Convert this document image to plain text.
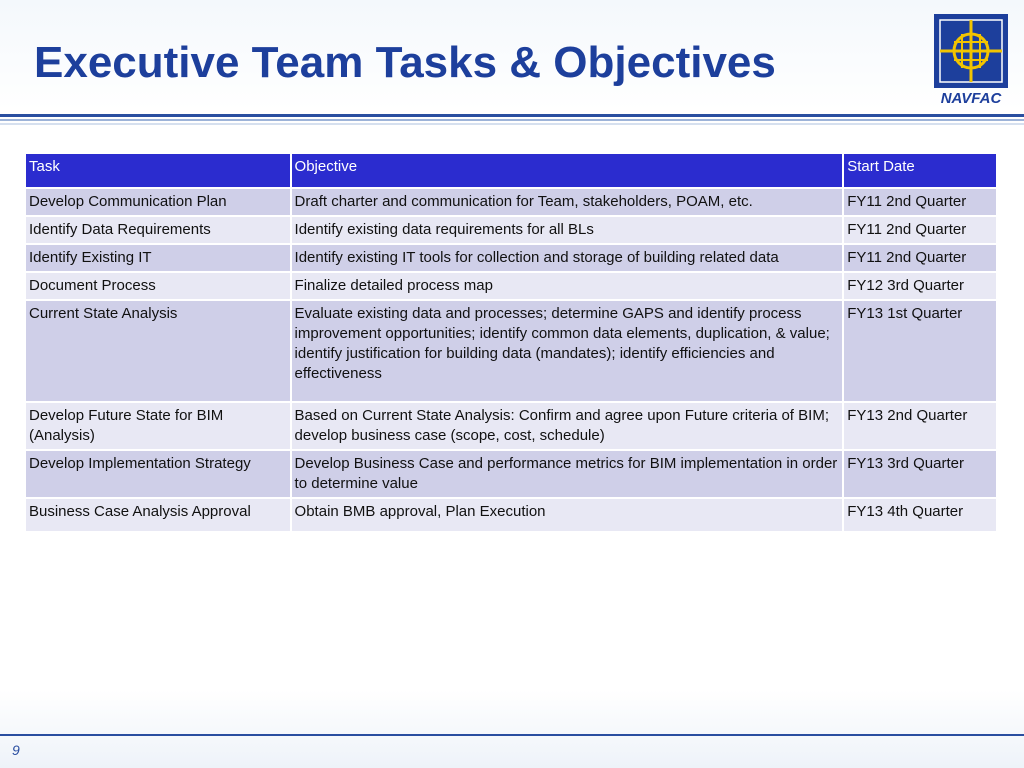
Executive Team Tasks & Objectives
NAVFAC
Task	Objective	Start Date
Develop Communication Plan	Draft charter and communication for Team, stakeholders, POAM, etc.	FY11 2nd Quarter
Identify Data Requirements	Identify existing data requirements for all BLs	FY11 2nd Quarter
Identify Existing IT	Identify existing IT tools for collection and storage of building related data	FY11 2nd Quarter
Document Process	Finalize detailed process map	FY12 3rd Quarter
Current State Analysis	Evaluate existing data and processes; determine GAPS and identify process improvement opportunities; identify common data elements, duplication, & value; identify justification for building data (mandates); identify efficiencies and effectiveness	FY13 1st Quarter
Develop Future State for BIM (Analysis)	Based on Current State Analysis: Confirm and agree upon Future criteria of BIM; develop business case (scope, cost, schedule)	FY13 2nd Quarter
Develop Implementation Strategy	Develop Business Case and performance metrics for BIM implementation in order to determine value	FY13 3rd Quarter
Business Case Analysis Approval	Obtain BMB approval, Plan Execution	FY13 4th Quarter
9
